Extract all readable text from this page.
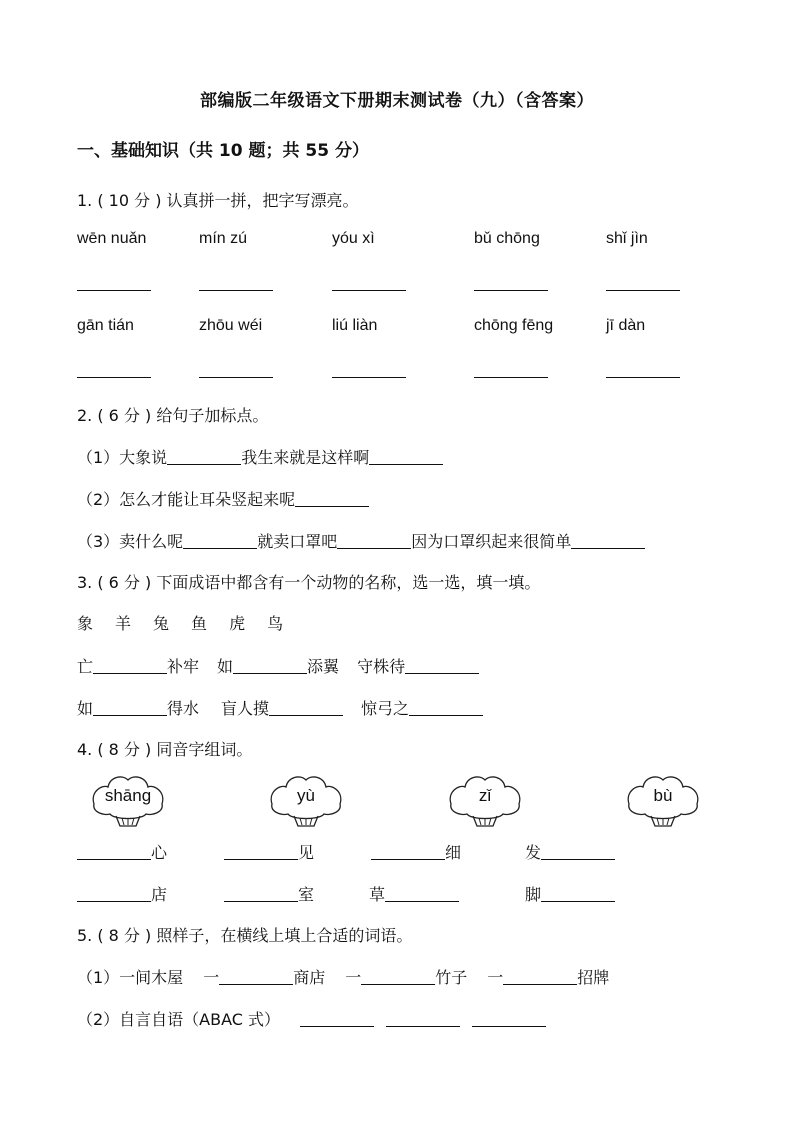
部编版二年级语文下册期末测试卷（九）（含答案）
一、基础知识（共 10 题；共 55 分）
1. ( 10 分 ) 认真拼一拼，把字写漂亮。
wēn nuǎn	mín zú	yóu xì	bǔ chōng	shǐ jìn
gān tián	zhōu wéi	liú liàn	chōng fēng	jī dàn
2. ( 6 分 ) 给句子加标点。
（1）大象说	我生来就是这样啊
（2）怎么才能让耳朵竖起来呢
（3）卖什么呢	就卖口罩吧	因为口罩织起来很简单
3. ( 6 分 ) 下面成语中都含有一个动物的名称，选一选，填一填。
象 羊 兔 鱼 虎 鸟
亡	补牢 如	添翼 守株待
如	得水 盲人摸	惊弓之
4. ( 8 分 ) 同音字组词。
shāng	yù	zǐ	bù
心	见	细	发
店	室	草	脚
5. ( 8 分 ) 照样子，在横线上填上合适的词语。
（1）一间木屋 一	商店 一	竹子 一	招牌
（2）自言自语（ABAC 式）
